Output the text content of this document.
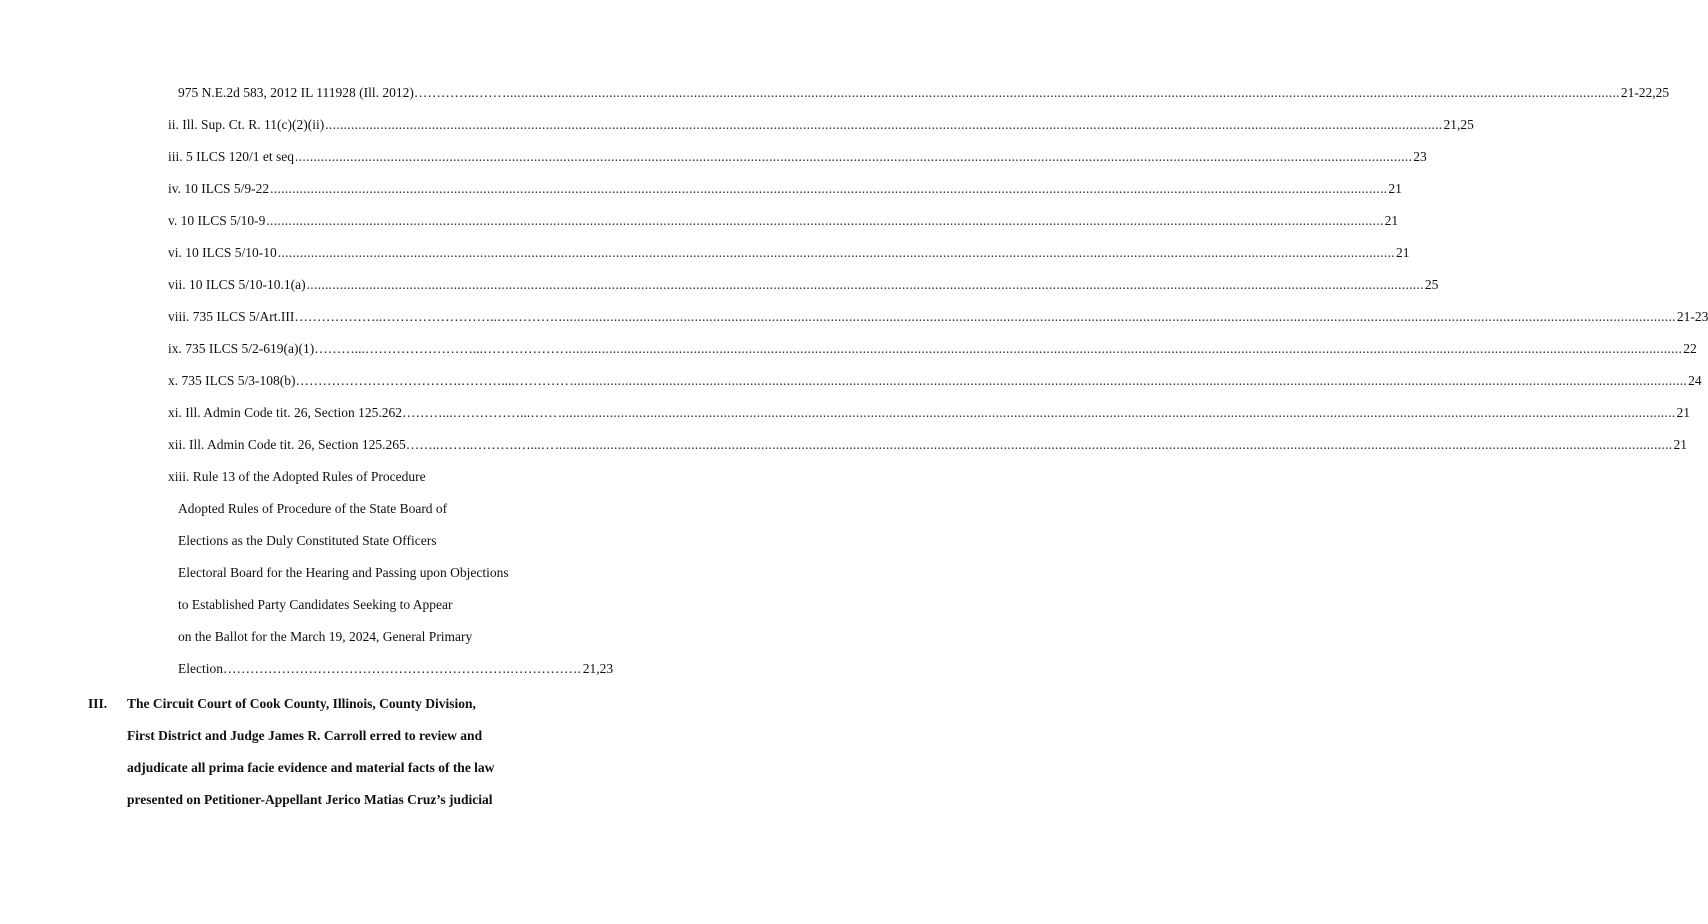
975 N.E.2d 583, 2012 IL 111928 (Ill. 2012)…………..…… .....	21-22,25
ii. Ill. Sup. Ct. R. 11(c)(2)(ii) .....	21,25
iii. 5 ILCS 120/1 et seq .....	23
iv. 10 ILCS 5/9-22 .....	21
v. 10 ILCS 5/10-9 .....	21
vi. 10 ILCS 5/10-10 .....	21
vii. 10 ILCS 5/10-10.1(a) .....	25
viii. 735 ILCS 5/Art.III………………..……………………..….………. .....	21-23
ix. 735 ILCS 5/2-619(a)(1)………...……………………...……………… .....	22
x. 735 ILCS 5/3-108(b)……………………………….………....………… .....	24
xi. Ill. Admin Code tit. 26, Section 125.262………...……………...…… .....	21
xii. Ill. Admin Code tit. 26, Section 125.265……..……..……….…...… .....	21
xiii. Rule 13 of the Adopted Rules of Procedure
Adopted Rules of Procedure of the State Board of
Elections as the Duly Constituted State Officers
Electoral Board for the Hearing and Passing upon Objections
to Established Party Candidates Seeking to Appear
on the Ballot for the March 19, 2024, General Primary
Election……………………………………………………….……………. 21,23
III. The Circuit Court of Cook County, Illinois, County Division,
First District and Judge James R. Carroll erred to review and
adjudicate all prima facie evidence and material facts of the law
presented on Petitioner-Appellant Jerico Matias Cruz’s judicial
